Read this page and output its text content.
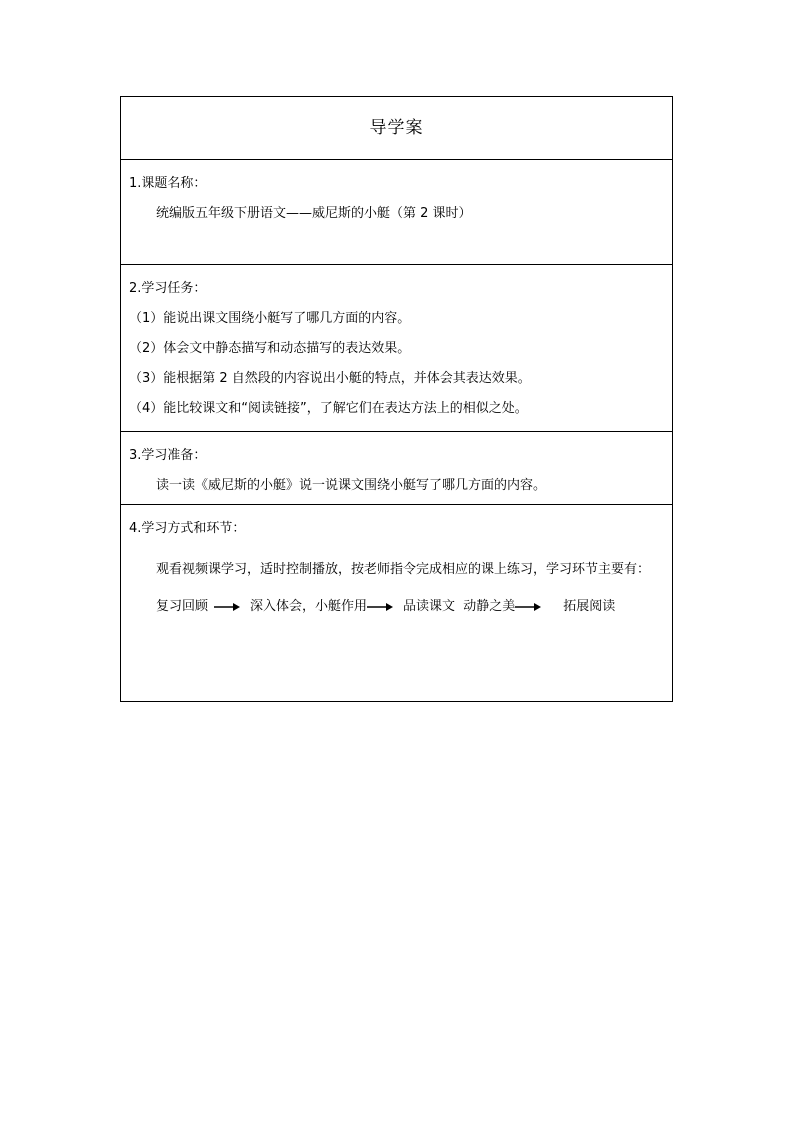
导学案

1.课题名称：
统编版五年级下册语文——威尼斯的小艇（第 2 课时）

2.学习任务：
（1）能说出课文围绕小艇写了哪几方面的内容。
（2）体会文中静态描写和动态描写的表达效果。
（3）能根据第 2 自然段的内容说出小艇的特点，并体会其表达效果。
（4）能比较课文和“阅读链接”，了解它们在表达方法上的相似之处。

3.学习准备：
读一读《威尼斯的小艇》说一说课文围绕小艇写了哪几方面的内容。

4.学习方式和环节：
观看视频课学习，适时控制播放，按老师指令完成相应的课上练习，学习环节主要有：
复习回顾	深入体会，小艇作用	品读课文  动静之美	拓展阅读
